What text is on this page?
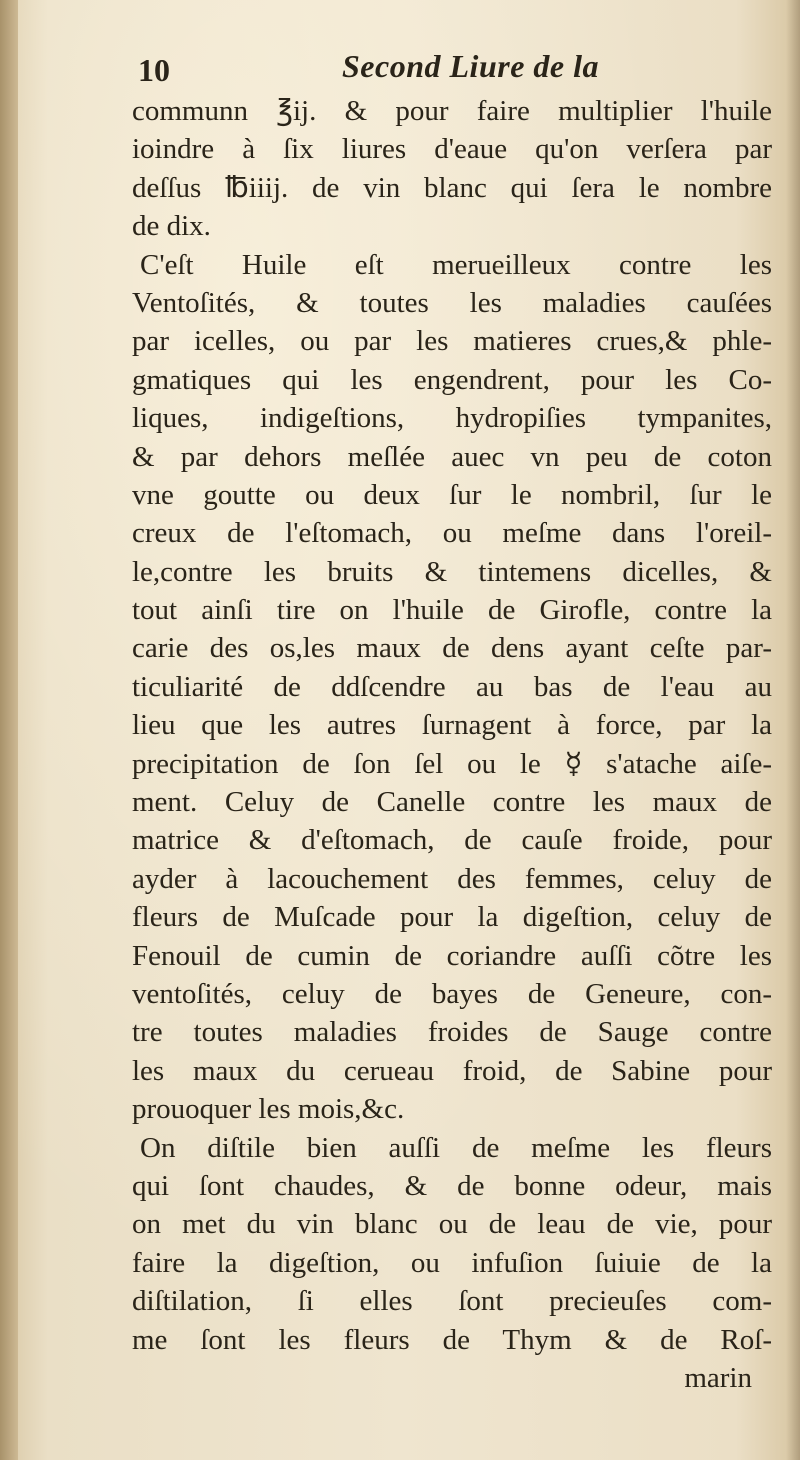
10	Second Liure de la
communn ℥ij. & pour faire multiplier l'huile
ioindre à ſix liures d'eaue qu'on verſera par
deſſus ℔iiij. de vin blanc qui ſera le nombre
de dix.
C'eſt Huile eſt merueilleux contre les
Ventoſités, & toutes les maladies cauſées
par icelles, ou par les matieres crues,& phle-
gmatiques qui les engendrent, pour les Co-
liques, indigeſtions, hydropiſies tympanites,
& par dehors meſlée auec vn peu de coton
vne goutte ou deux ſur le nombril, ſur le
creux de l'eſtomach, ou meſme dans l'oreil-
le,contre les bruits & tintemens dicelles, &
tout ainſi tire on l'huile de Girofle, contre la
carie des os,les maux de dens ayant ceſte par-
ticuliarité de ddſcendre au bas de l'eau au
lieu que les autres ſurnagent à force, par la
precipitation de ſon ſel ou le ☿ s'atache aiſe-
ment. Celuy de Canelle contre les maux de
matrice & d'eſtomach, de cauſe froide, pour
ayder à lacouchement des femmes, celuy de
fleurs de Muſcade pour la digeſtion, celuy de
Fenouil de cumin de coriandre auſſi cõtre les
ventoſités, celuy de bayes de Geneure, con-
tre toutes maladies froides de Sauge contre
les maux du cerueau froid, de Sabine pour
prouoquer les mois,&c.
On diſtile bien auſſi de meſme les fleurs
qui ſont chaudes, & de bonne odeur, mais
on met du vin blanc ou de leau de vie, pour
faire la digeſtion, ou infuſion ſuiuie de la
diſtilation, ſi elles ſont precieuſes com-
me ſont les fleurs de Thym & de Roſ-
marin
